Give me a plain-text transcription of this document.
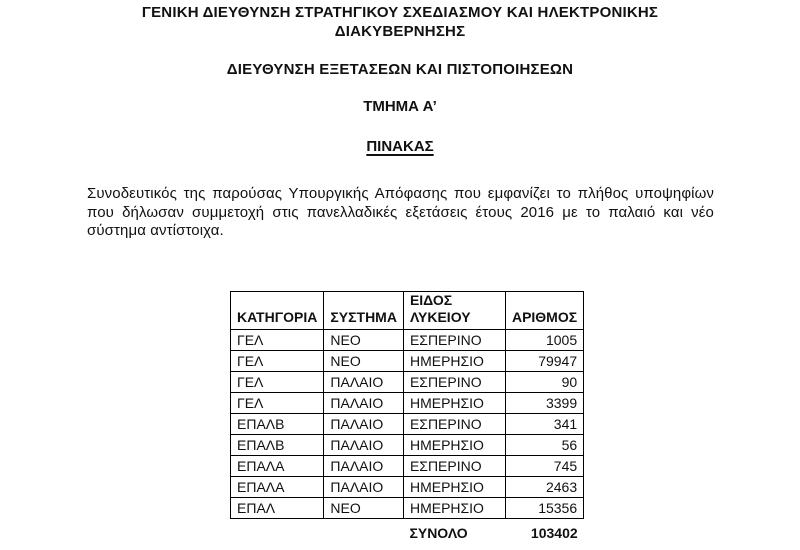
ΓΕΝΙΚΗ ΔΙΕΥΘΥΝΣΗ ΣΤΡΑΤΗΓΙΚΟΥ ΣΧΕΔΙΑΣΜΟΥ ΚΑΙ ΗΛΕΚΤΡΟΝΙΚΗΣ ΔΙΑΚΥΒΕΡΝΗΣΗΣ
ΔΙΕΥΘΥΝΣΗ ΕΞΕΤΑΣΕΩΝ ΚΑΙ ΠΙΣΤΟΠΟΙΗΣΕΩΝ
ΤΜΗΜΑ Α’
ΠΙΝΑΚΑΣ
Συνοδευτικός της παρούσας Υπουργικής Απόφασης που εμφανίζει το πλήθος υποψηφίων που δήλωσαν συμμετοχή στις πανελλαδικές εξετάσεις έτους 2016 με το παλαιό και νέο σύστημα αντίστοιχα.
ΚΑΤΗΓΟΡΙΑ	ΣΥΣΤΗΜΑ	ΕΙΔΟΣ ΛΥΚΕΙΟΥ	ΑΡΙΘΜΟΣ
ΓΕΛ	ΝΕΟ	ΕΣΠΕΡΙΝΟ	1005
ΓΕΛ	ΝΕΟ	ΗΜΕΡΗΣΙΟ	79947
ΓΕΛ	ΠΑΛΑΙΟ	ΕΣΠΕΡΙΝΟ	90
ΓΕΛ	ΠΑΛΑΙΟ	ΗΜΕΡΗΣΙΟ	3399
ΕΠΑΛΒ	ΠΑΛΑΙΟ	ΕΣΠΕΡΙΝΟ	341
ΕΠΑΛΒ	ΠΑΛΑΙΟ	ΗΜΕΡΗΣΙΟ	56
ΕΠΑΛΑ	ΠΑΛΑΙΟ	ΕΣΠΕΡΙΝΟ	745
ΕΠΑΛΑ	ΠΑΛΑΙΟ	ΗΜΕΡΗΣΙΟ	2463
ΕΠΑΛ	ΝΕΟ	ΗΜΕΡΗΣΙΟ	15356
		ΣΥΝΟΛΟ	103402
